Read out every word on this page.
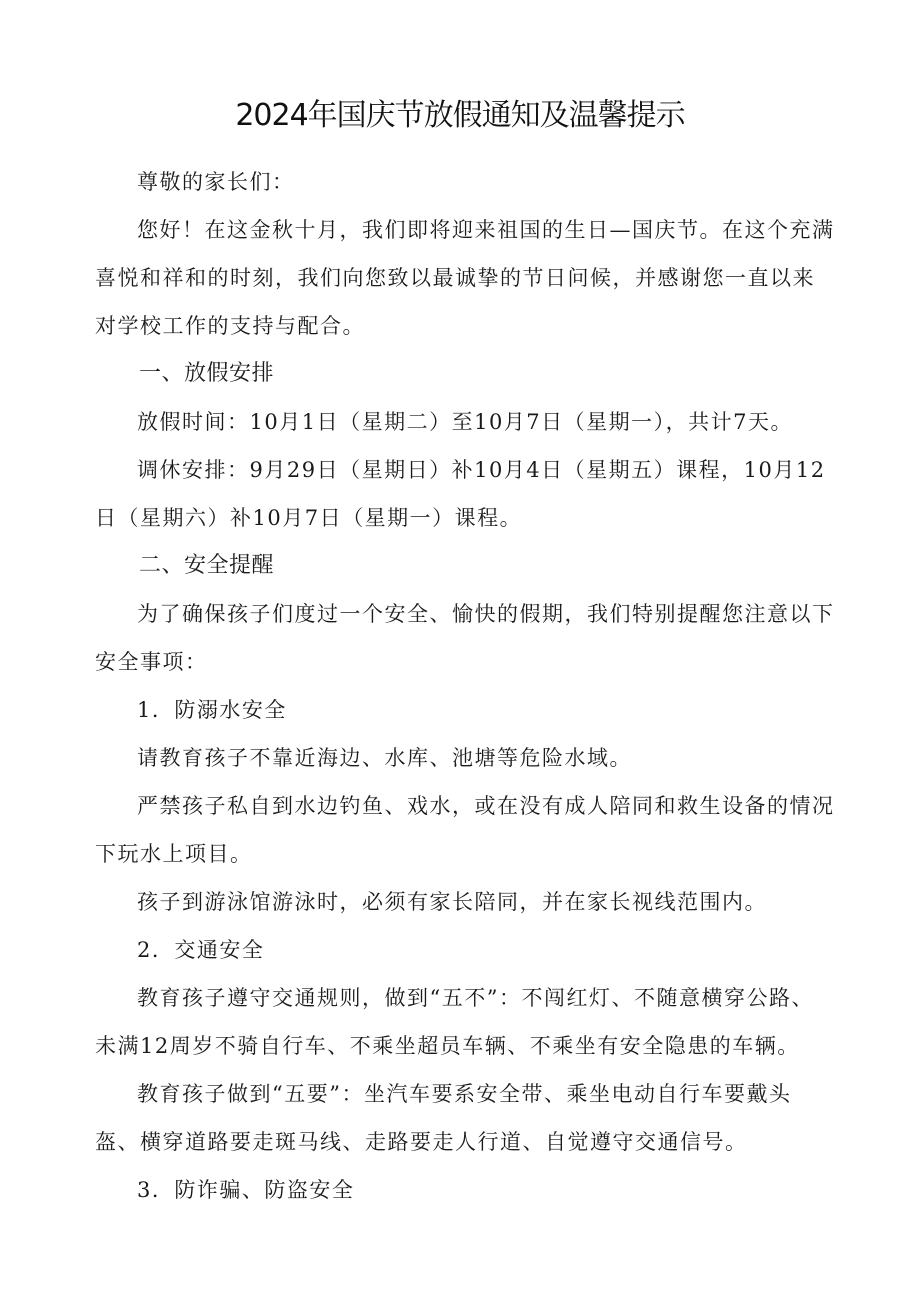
2024年国庆节放假通知及温馨提示

尊敬的家长们：

您好！在这金秋十月，我们即将迎来祖国的生日—国庆节。在这个充满喜悦和祥和的时刻，我们向您致以最诚挚的节日问候，并感谢您一直以来对学校工作的支持与配合。

一、放假安排

放假时间：10月1日（星期二）至10月7日（星期一），共计7天。

调休安排：9月29日（星期日）补10月4日（星期五）课程，10月12日（星期六）补10月7日（星期一）课程。

二、安全提醒

为了确保孩子们度过一个安全、愉快的假期，我们特别提醒您注意以下安全事项：

1．防溺水安全

请教育孩子不靠近海边、水库、池塘等危险水域。

严禁孩子私自到水边钓鱼、戏水，或在没有成人陪同和救生设备的情况下玩水上项目。

孩子到游泳馆游泳时，必须有家长陪同，并在家长视线范围内。

2．交通安全

教育孩子遵守交通规则，做到“五不”：不闯红灯、不随意横穿公路、未满12周岁不骑自行车、不乘坐超员车辆、不乘坐有安全隐患的车辆。

教育孩子做到“五要”：坐汽车要系安全带、乘坐电动自行车要戴头盔、横穿道路要走斑马线、走路要走人行道、自觉遵守交通信号。

3．防诈骗、防盗安全
